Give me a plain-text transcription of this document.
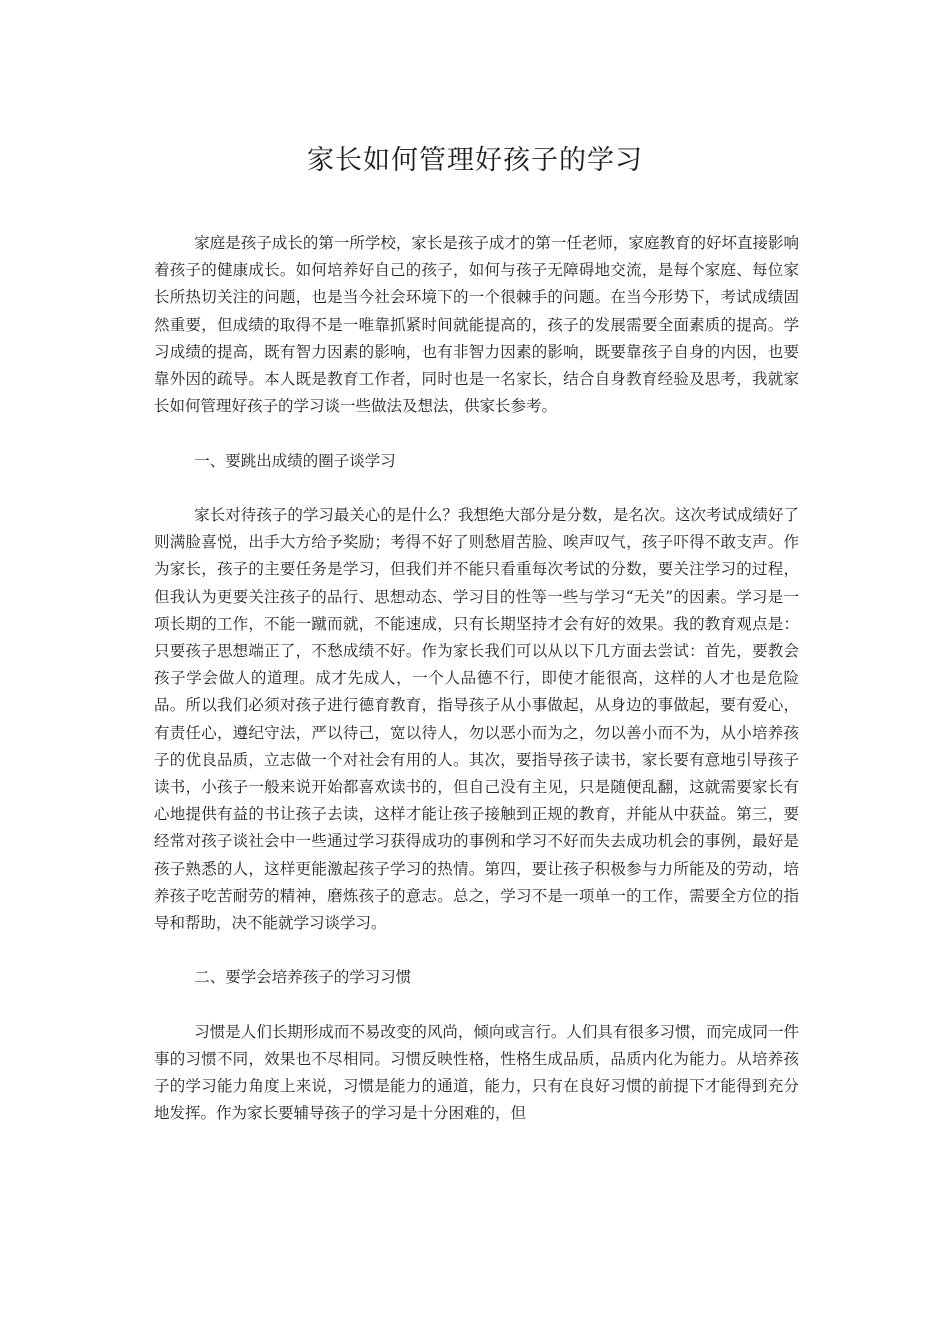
家长如何管理好孩子的学习

家庭是孩子成长的第一所学校，家长是孩子成才的第一任老师，家庭教育的好坏直接影响着孩子的健康成长。如何培养好自己的孩子，如何与孩子无障碍地交流，是每个家庭、每位家长所热切关注的问题，也是当今社会环境下的一个很棘手的问题。在当今形势下，考试成绩固然重要，但成绩的取得不是一唯靠抓紧时间就能提高的，孩子的发展需要全面素质的提高。学习成绩的提高，既有智力因素的影响，也有非智力因素的影响，既要靠孩子自身的内因，也要靠外因的疏导。本人既是教育工作者，同时也是一名家长，结合自身教育经验及思考，我就家长如何管理好孩子的学习谈一些做法及想法，供家长参考。

一、要跳出成绩的圈子谈学习

家长对待孩子的学习最关心的是什么？我想绝大部分是分数，是名次。这次考试成绩好了则满脸喜悦，出手大方给予奖励；考得不好了则愁眉苦脸、唉声叹气，孩子吓得不敢支声。作为家长，孩子的主要任务是学习，但我们并不能只看重每次考试的分数，要关注学习的过程，但我认为更要关注孩子的品行、思想动态、学习目的性等一些与学习“无关”的因素。学习是一项长期的工作，不能一蹴而就，不能速成，只有长期坚持才会有好的效果。我的教育观点是：只要孩子思想端正了，不愁成绩不好。作为家长我们可以从以下几方面去尝试：首先，要教会孩子学会做人的道理。成才先成人，一个人品德不行，即使才能很高，这样的人才也是危险品。所以我们必须对孩子进行德育教育，指导孩子从小事做起，从身边的事做起，要有爱心，有责任心，遵纪守法，严以待己，宽以待人，勿以恶小而为之，勿以善小而不为，从小培养孩子的优良品质，立志做一个对社会有用的人。其次，要指导孩子读书，家长要有意地引导孩子读书，小孩子一般来说开始都喜欢读书的，但自己没有主见，只是随便乱翻，这就需要家长有心地提供有益的书让孩子去读，这样才能让孩子接触到正规的教育，并能从中获益。第三，要经常对孩子谈社会中一些通过学习获得成功的事例和学习不好而失去成功机会的事例，最好是孩子熟悉的人，这样更能激起孩子学习的热情。第四，要让孩子积极参与力所能及的劳动，培养孩子吃苦耐劳的精神，磨炼孩子的意志。总之，学习不是一项单一的工作，需要全方位的指导和帮助，决不能就学习谈学习。

二、要学会培养孩子的学习习惯

习惯是人们长期形成而不易改变的风尚，倾向或言行。人们具有很多习惯，而完成同一件事的习惯不同，效果也不尽相同。习惯反映性格，性格生成品质，品质内化为能力。从培养孩子的学习能力角度上来说，习惯是能力的通道，能力，只有在良好习惯的前提下才能得到充分地发挥。作为家长要辅导孩子的学习是十分困难的，但
